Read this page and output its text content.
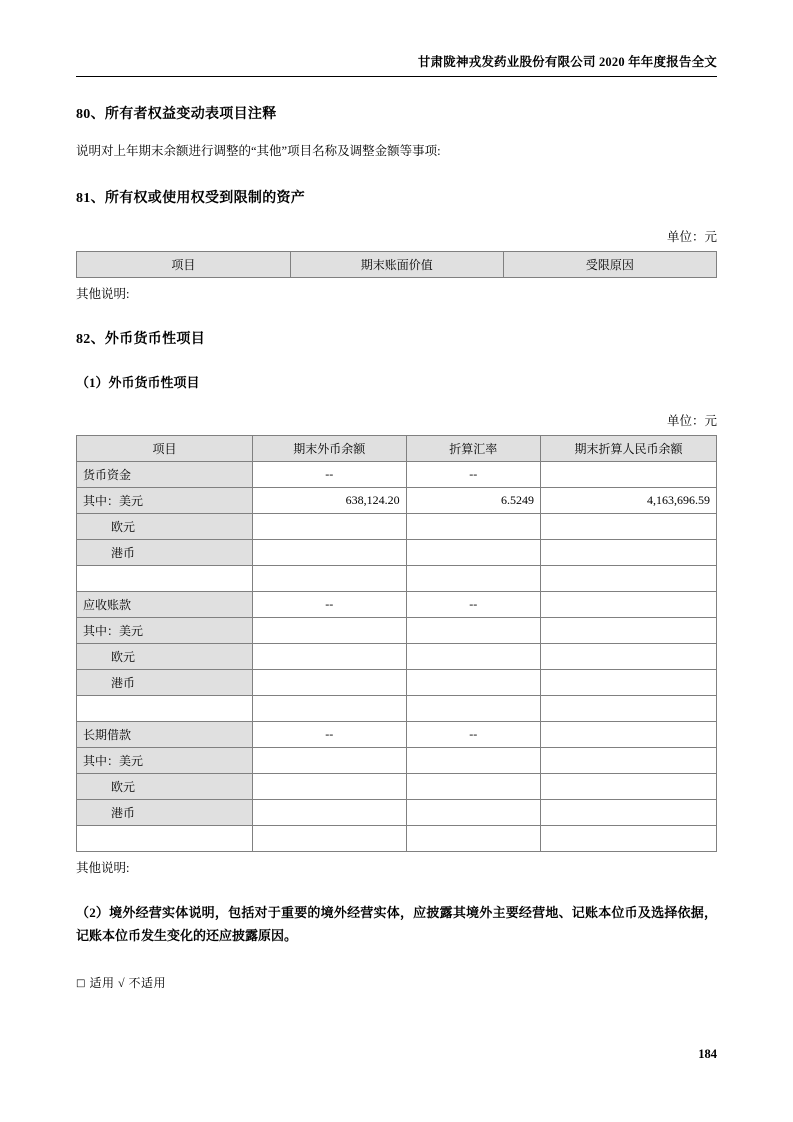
甘肃陇神戎发药业股份有限公司 2020 年年度报告全文
80、所有者权益变动表项目注释

说明对上年期末余额进行调整的“其他”项目名称及调整金额等事项:

81、所有权或使用权受到限制的资产
单位：元
项目	期末账面价值	受限原因
其他说明:
82、外币货币性项目
（1）外币货币性项目
单位：元
项目	期末外币余额	折算汇率	期末折算人民币余额
货币资金	--	--	
其中：美元	638,124.20	6.5249	4,163,696.59
欧元			
港币			

应收账款	--	--	
其中：美元			
欧元			
港币			

长期借款	--	--	
其中：美元			
欧元			
港币			

其他说明:

（2）境外经营实体说明，包括对于重要的境外经营实体，应披露其境外主要经营地、记账本位币及选择依据，记账本位币发生变化的还应披露原因。

□ 适用 √ 不适用

184
